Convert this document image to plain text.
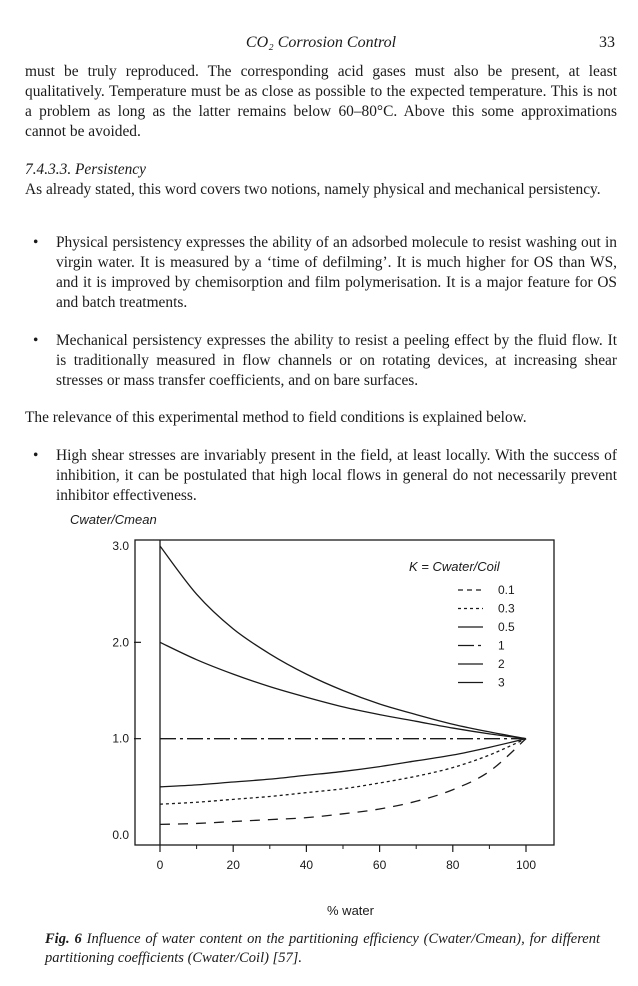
CO₂ Corrosion Control	33
must be truly reproduced. The corresponding acid gases must also be present, at least qualitatively. Temperature must be as close as possible to the expected temperature. This is not a problem as long as the latter remains below 60–80°C. Above this some approximations cannot be avoided.
7.4.3.3. Persistency
As already stated, this word covers two notions, namely physical and mechanical persistency.
• Physical persistency expresses the ability of an adsorbed molecule to resist washing out in virgin water. It is measured by a ‘time of defilming’. It is much higher for OS than WS, and it is improved by chemisorption and film polymerisation. It is a major feature for OS and batch treatments.
• Mechanical persistency expresses the ability to resist a peeling effect by the fluid flow. It is traditionally measured in flow channels or on rotating devices, at increasing shear stresses or mass transfer coefficients, and on bare surfaces.
The relevance of this experimental method to field conditions is explained below.
• High shear stresses are invariably present in the field, at least locally. With the success of inhibition, it can be postulated that high local flows in general do not necessarily prevent inhibitor effectiveness.
Cwater/Cmean
0.0
1.0
2.0
3.0
0	20	40	60	80	100
% water
K = Cwater/Coil
0.1
0.3
0.5
1
2
3
Fig. 6 Influence of water content on the partitioning efficiency (Cwater/Cmean), for different partitioning coefficients (Cwater/Coil) [57].
